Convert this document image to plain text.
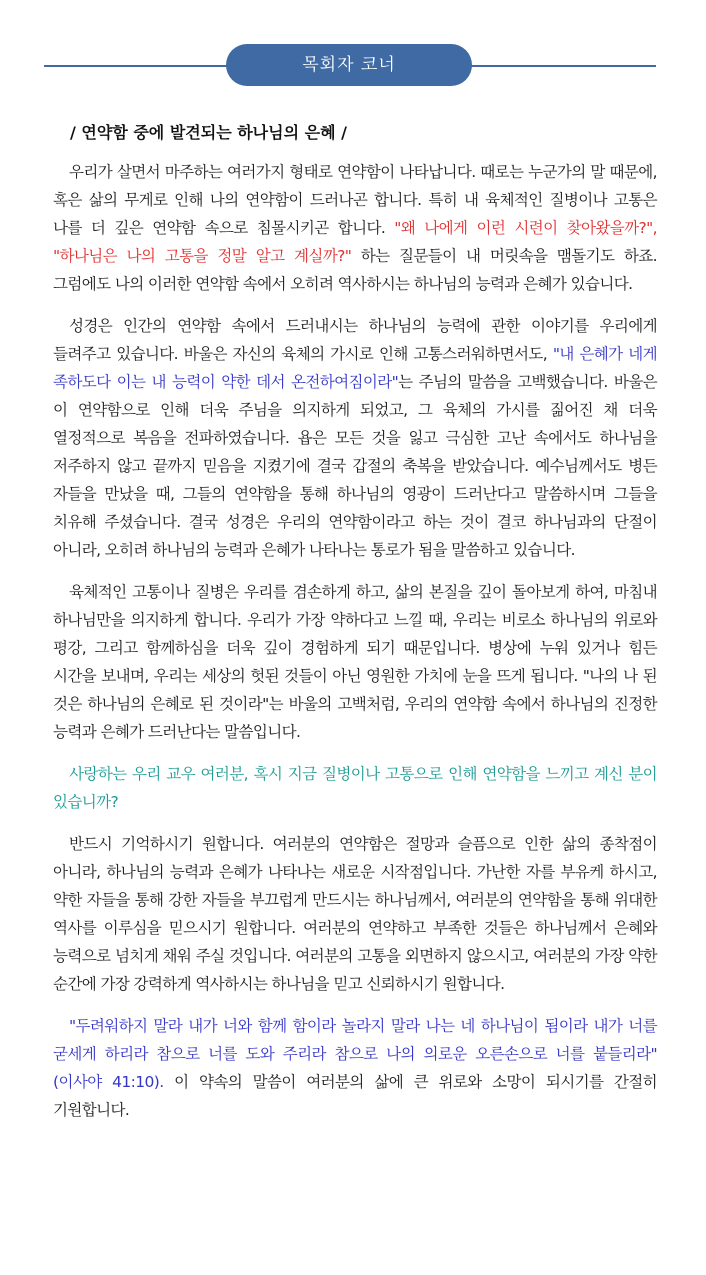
목회자 코너
/ 연약함 중에 발견되는 하나님의 은혜 /

우리가 살면서 마주하는 여러가지 형태로 연약함이 나타납니다. 때로는 누군가의 말 때문에, 혹은 삶의 무게로 인해 나의 연약함이 드러나곤 합니다. 특히 내 육체적인 질병이나 고통은 나를 더 깊은 연약함 속으로 침몰시키곤 합니다. "왜 나에게 이런 시련이 찾아왔을까?", "하나님은 나의 고통을 정말 알고 계실까?" 하는 질문들이 내 머릿속을 맴돌기도 하죠. 그럼에도 나의 이러한 연약함 속에서 오히려 역사하시는 하나님의 능력과 은혜가 있습니다.

성경은 인간의 연약함 속에서 드러내시는 하나님의 능력에 관한 이야기를 우리에게 들려주고 있습니다. 바울은 자신의 육체의 가시로 인해 고통스러워하면서도, "내 은혜가 네게 족하도다 이는 내 능력이 약한 데서 온전하여짐이라"는 주님의 말씀을 고백했습니다. 바울은 이 연약함으로 인해 더욱 주님을 의지하게 되었고, 그 육체의 가시를 짊어진 채 더욱 열정적으로 복음을 전파하였습니다. 욥은 모든 것을 잃고 극심한 고난 속에서도 하나님을 저주하지 않고 끝까지 믿음을 지켰기에 결국 갑절의 축복을 받았습니다. 예수님께서도 병든 자들을 만났을 때, 그들의 연약함을 통해 하나님의 영광이 드러난다고 말씀하시며 그들을 치유해 주셨습니다. 결국 성경은 우리의 연약함이라고 하는 것이 결코 하나님과의 단절이 아니라, 오히려 하나님의 능력과 은혜가 나타나는 통로가 됨을 말씀하고 있습니다.

육체적인 고통이나 질병은 우리를 겸손하게 하고, 삶의 본질을 깊이 돌아보게 하여, 마침내 하나님만을 의지하게 합니다. 우리가 가장 약하다고 느낄 때, 우리는 비로소 하나님의 위로와 평강, 그리고 함께하심을 더욱 깊이 경험하게 되기 때문입니다. 병상에 누워 있거나 힘든 시간을 보내며, 우리는 세상의 헛된 것들이 아닌 영원한 가치에 눈을 뜨게 됩니다. "나의 나 된 것은 하나님의 은혜로 된 것이라"는 바울의 고백처럼, 우리의 연약함 속에서 하나님의 진정한 능력과 은혜가 드러난다는 말씀입니다.

사랑하는 우리 교우 여러분, 혹시 지금 질병이나 고통으로 인해 연약함을 느끼고 계신 분이 있습니까?

반드시 기억하시기 원합니다. 여러분의 연약함은 절망과 슬픔으로 인한 삶의 종착점이 아니라, 하나님의 능력과 은혜가 나타나는 새로운 시작점입니다. 가난한 자를 부유케 하시고, 약한 자들을 통해 강한 자들을 부끄럽게 만드시는 하나님께서, 여러분의 연약함을 통해 위대한 역사를 이루심을 믿으시기 원합니다. 여러분의 연약하고 부족한 것들은 하나님께서 은혜와 능력으로 넘치게 채워 주실 것입니다. 여러분의 고통을 외면하지 않으시고, 여러분의 가장 약한 순간에 가장 강력하게 역사하시는 하나님을 믿고 신뢰하시기 원합니다.

"두려워하지 말라 내가 너와 함께 함이라 놀라지 말라 나는 네 하나님이 됨이라 내가 너를 굳세게 하리라 참으로 너를 도와 주리라 참으로 나의 의로운 오른손으로 너를 붙들리라" (이사야 41:10). 이 약속의 말씀이 여러분의 삶에 큰 위로와 소망이 되시기를 간절히 기원합니다.
